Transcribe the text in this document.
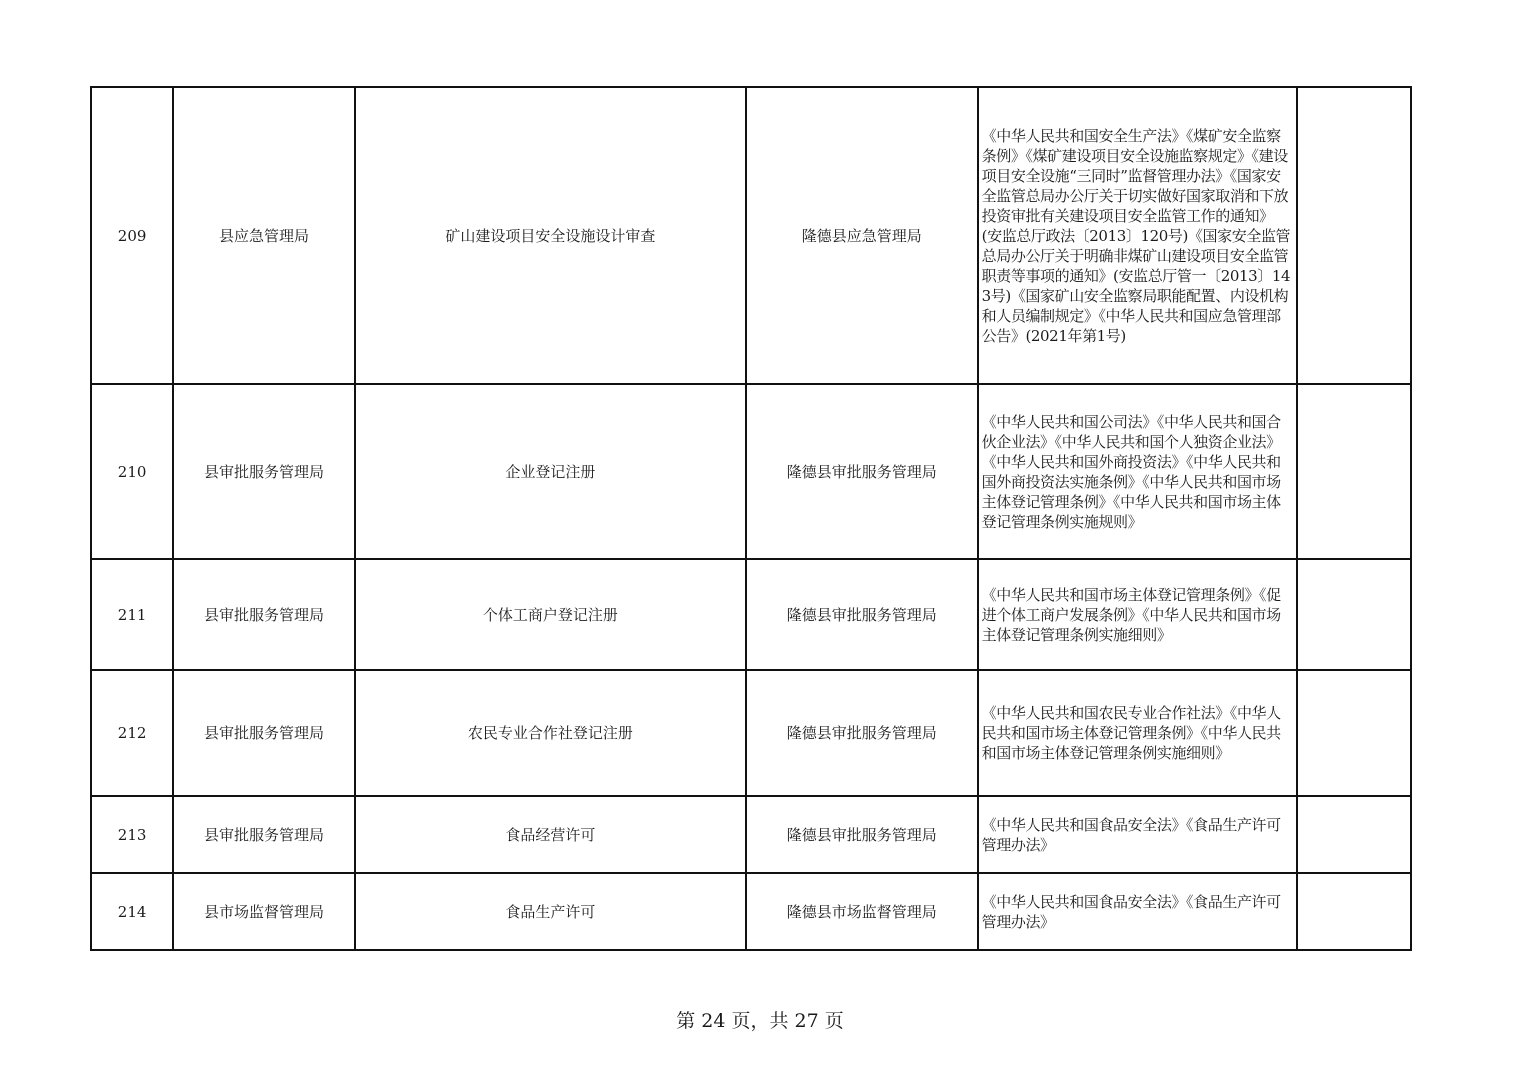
209	县应急管理局	矿山建设项目安全设施设计审查	隆德县应急管理局	《中华人民共和国安全生产法》《煤矿安全监察条例》《煤矿建设项目安全设施监察规定》《建设项目安全设施“三同时”监督管理办法》《国家安全监管总局办公厅关于切实做好国家取消和下放投资审批有关建设项目安全监管工作的通知》(安监总厅政法〔2013〕120号)《国家安全监管总局办公厅关于明确非煤矿山建设项目安全监管职责等事项的通知》(安监总厅管一〔2013〕143号)《国家矿山安全监察局职能配置、内设机构和人员编制规定》《中华人民共和国应急管理部公告》(2021年第1号)	
210	县审批服务管理局	企业登记注册	隆德县审批服务管理局	《中华人民共和国公司法》《中华人民共和国合伙企业法》《中华人民共和国个人独资企业法》《中华人民共和国外商投资法》《中华人民共和国外商投资法实施条例》《中华人民共和国市场主体登记管理条例》《中华人民共和国市场主体登记管理条例实施规则》	
211	县审批服务管理局	个体工商户登记注册	隆德县审批服务管理局	《中华人民共和国市场主体登记管理条例》《促进个体工商户发展条例》《中华人民共和国市场主体登记管理条例实施细则》	
212	县审批服务管理局	农民专业合作社登记注册	隆德县审批服务管理局	《中华人民共和国农民专业合作社法》《中华人民共和国市场主体登记管理条例》《中华人民共和国市场主体登记管理条例实施细则》	
213	县审批服务管理局	食品经营许可	隆德县审批服务管理局	《中华人民共和国食品安全法》《食品生产许可管理办法》	
214	县市场监督管理局	食品生产许可	隆德县市场监督管理局	《中华人民共和国食品安全法》《食品生产许可管理办法》	
第 24 页，共 27 页
